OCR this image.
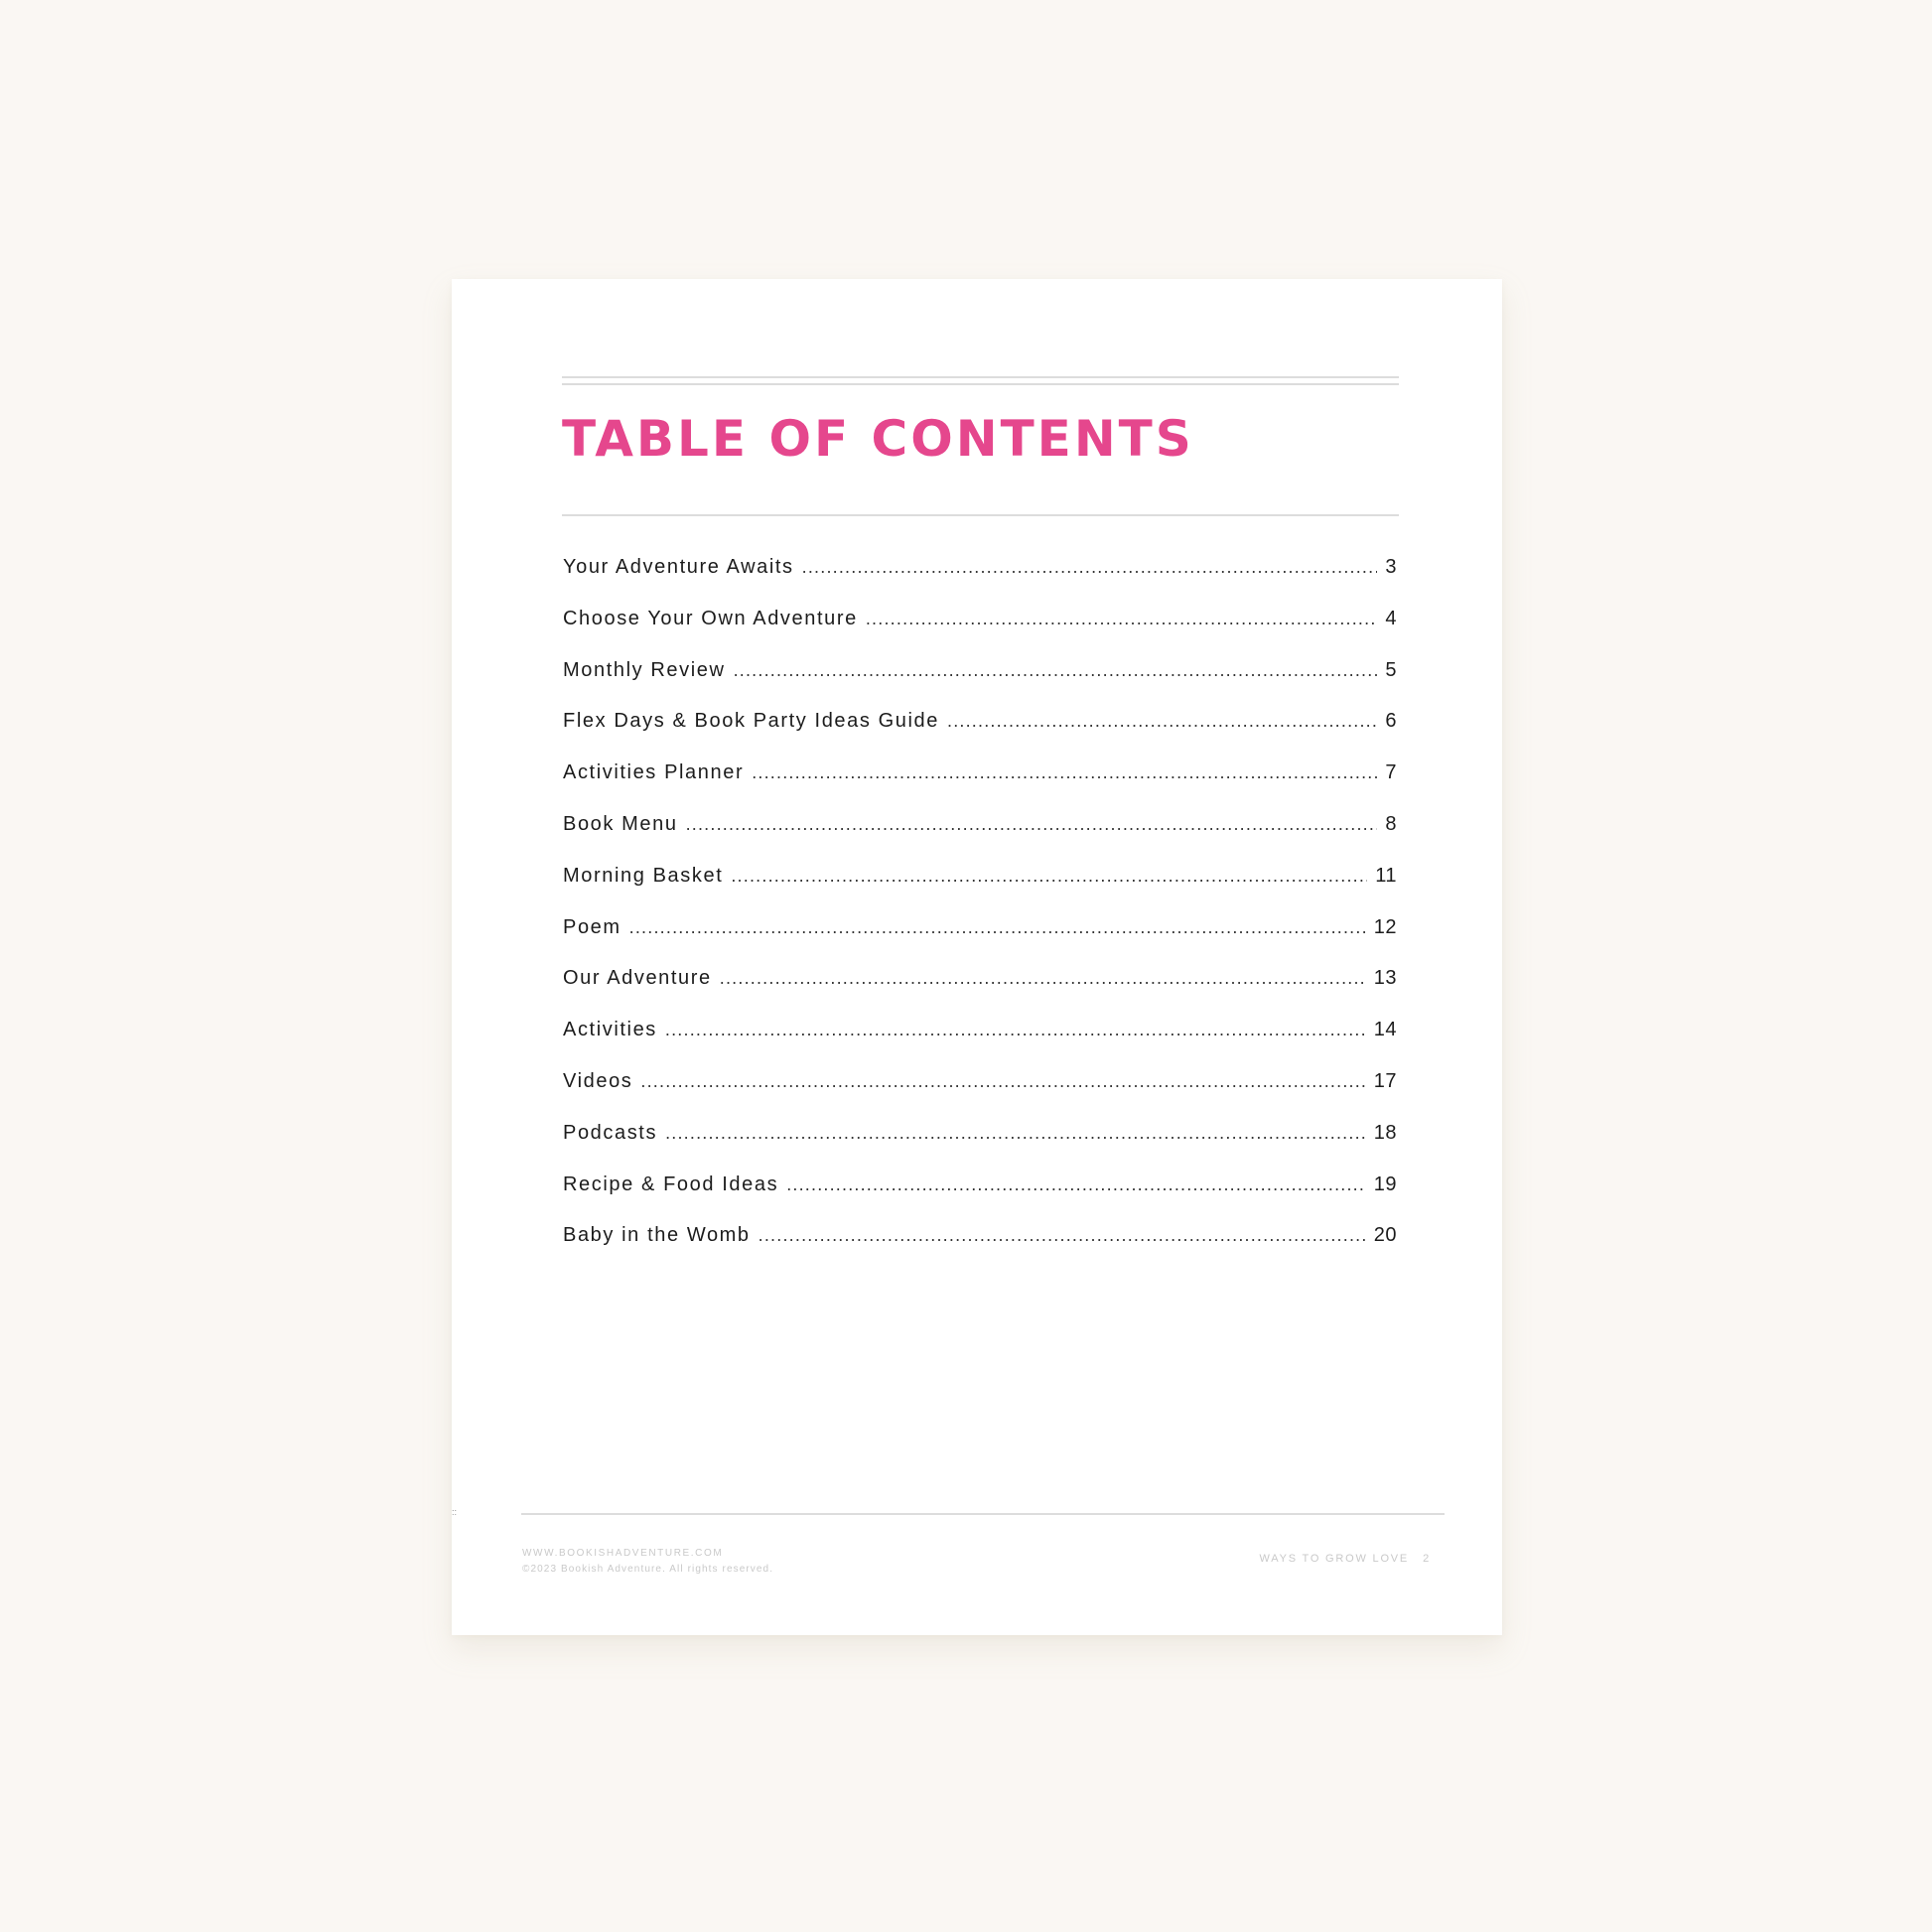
TABLE OF CONTENTS
Your Adventure Awaits .....	3
Choose Your Own Adventure .....	4
Monthly Review .....	5
Flex Days & Book Party Ideas Guide .....	6
Activities Planner .....	7
Book Menu .....	8
Morning Basket .....	11
Poem .....	12
Our Adventure .....	13
Activities .....	14
Videos .....	17
Podcasts .....	18
Recipe & Food Ideas .....	19
Baby in the Womb .....	20
::
WWW.BOOKISHADVENTURE.COM
©2023 Bookish Adventure. All rights reserved.
WAYS TO GROW LOVE 2
